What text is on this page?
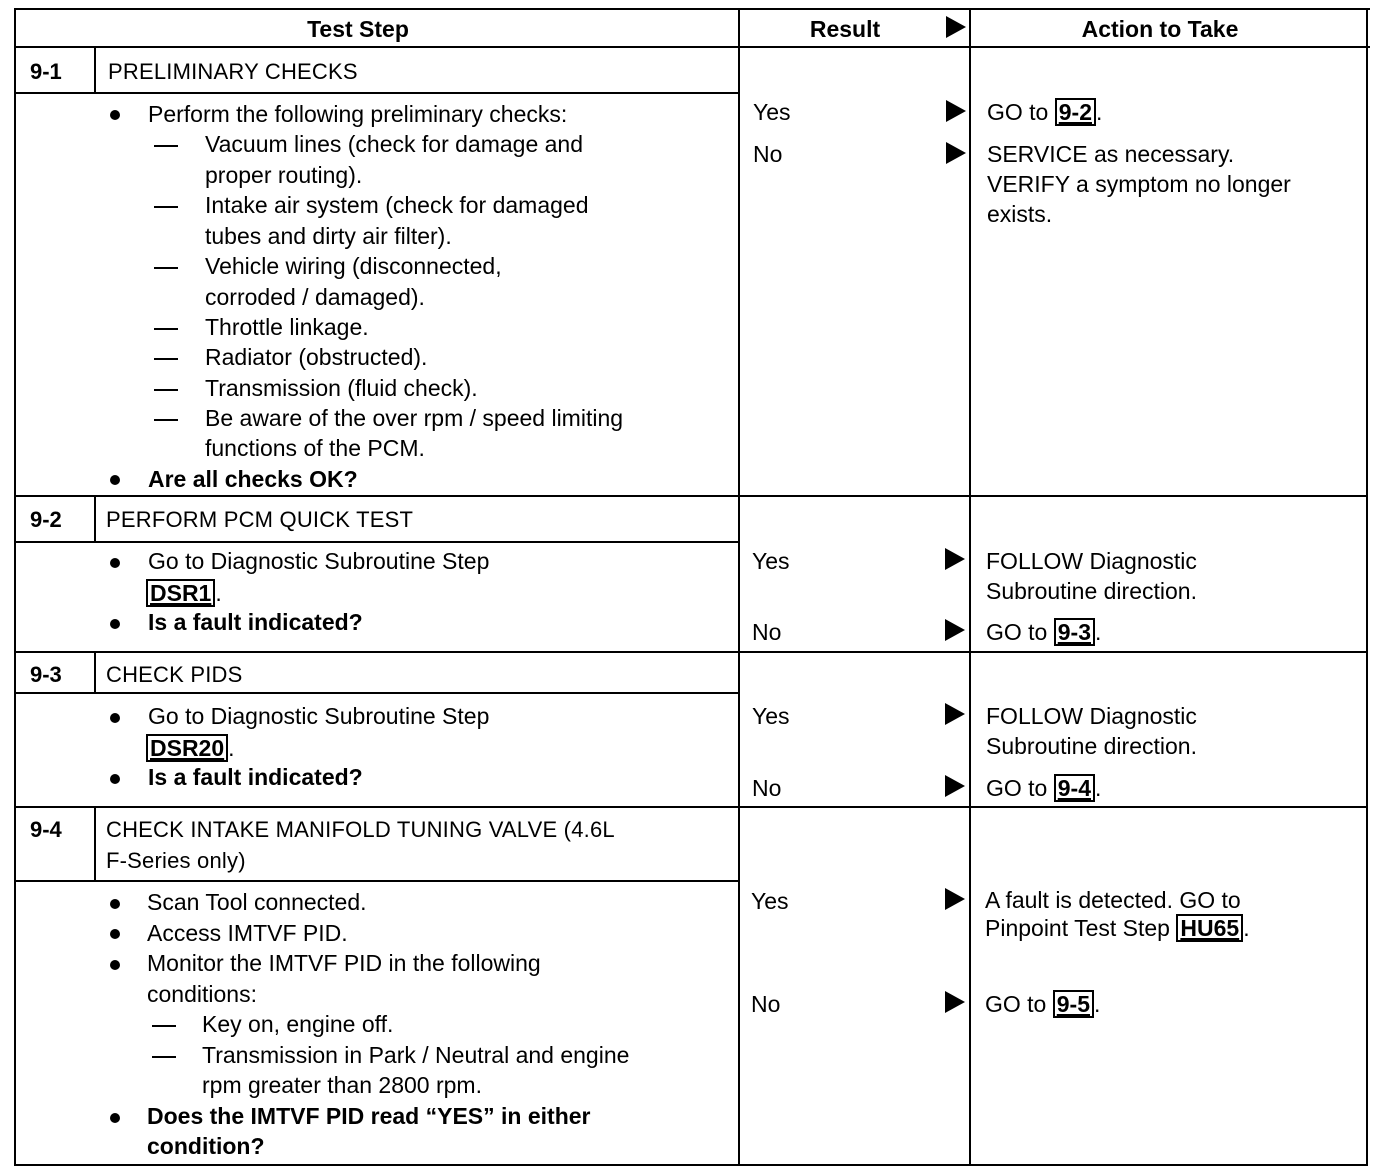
Test Step	Result	Action to Take
9-1 PRELIMINARY CHECKS
Perform the following preliminary checks:
Vacuum lines (check for damage and
proper routing).
Intake air system (check for damaged
tubes and dirty air filter).
Vehicle wiring (disconnected,
corroded / damaged).
Throttle linkage.
Radiator (obstructed).
Transmission (fluid check).
Be aware of the over rpm / speed limiting
functions of the PCM.
Are all checks OK?
Yes
No
GO to 9-2 .
SERVICE as necessary.
VERIFY a symptom no longer
exists.
9-2 PERFORM PCM QUICK TEST
Go to Diagnostic Subroutine Step
DSR1 .
Is a fault indicated?
Yes
No
FOLLOW Diagnostic
Subroutine direction.
GO to 9-3 .
9-3 CHECK PIDS
Go to Diagnostic Subroutine Step
DSR20 .
Is a fault indicated?
Yes
No
FOLLOW Diagnostic
Subroutine direction.
GO to 9-4 .
9-4 CHECK INTAKE MANIFOLD TUNING VALVE (4.6L
F-Series only)
Scan Tool connected.
Access IMTVF PID.
Monitor the IMTVF PID in the following
conditions:
Key on, engine off.
Transmission in Park / Neutral and engine
rpm greater than 2800 rpm.
Does the IMTVF PID read “YES” in either
condition?
Yes
No
A fault is detected. GO to
Pinpoint Test Step HU65 .
GO to 9-5 .
